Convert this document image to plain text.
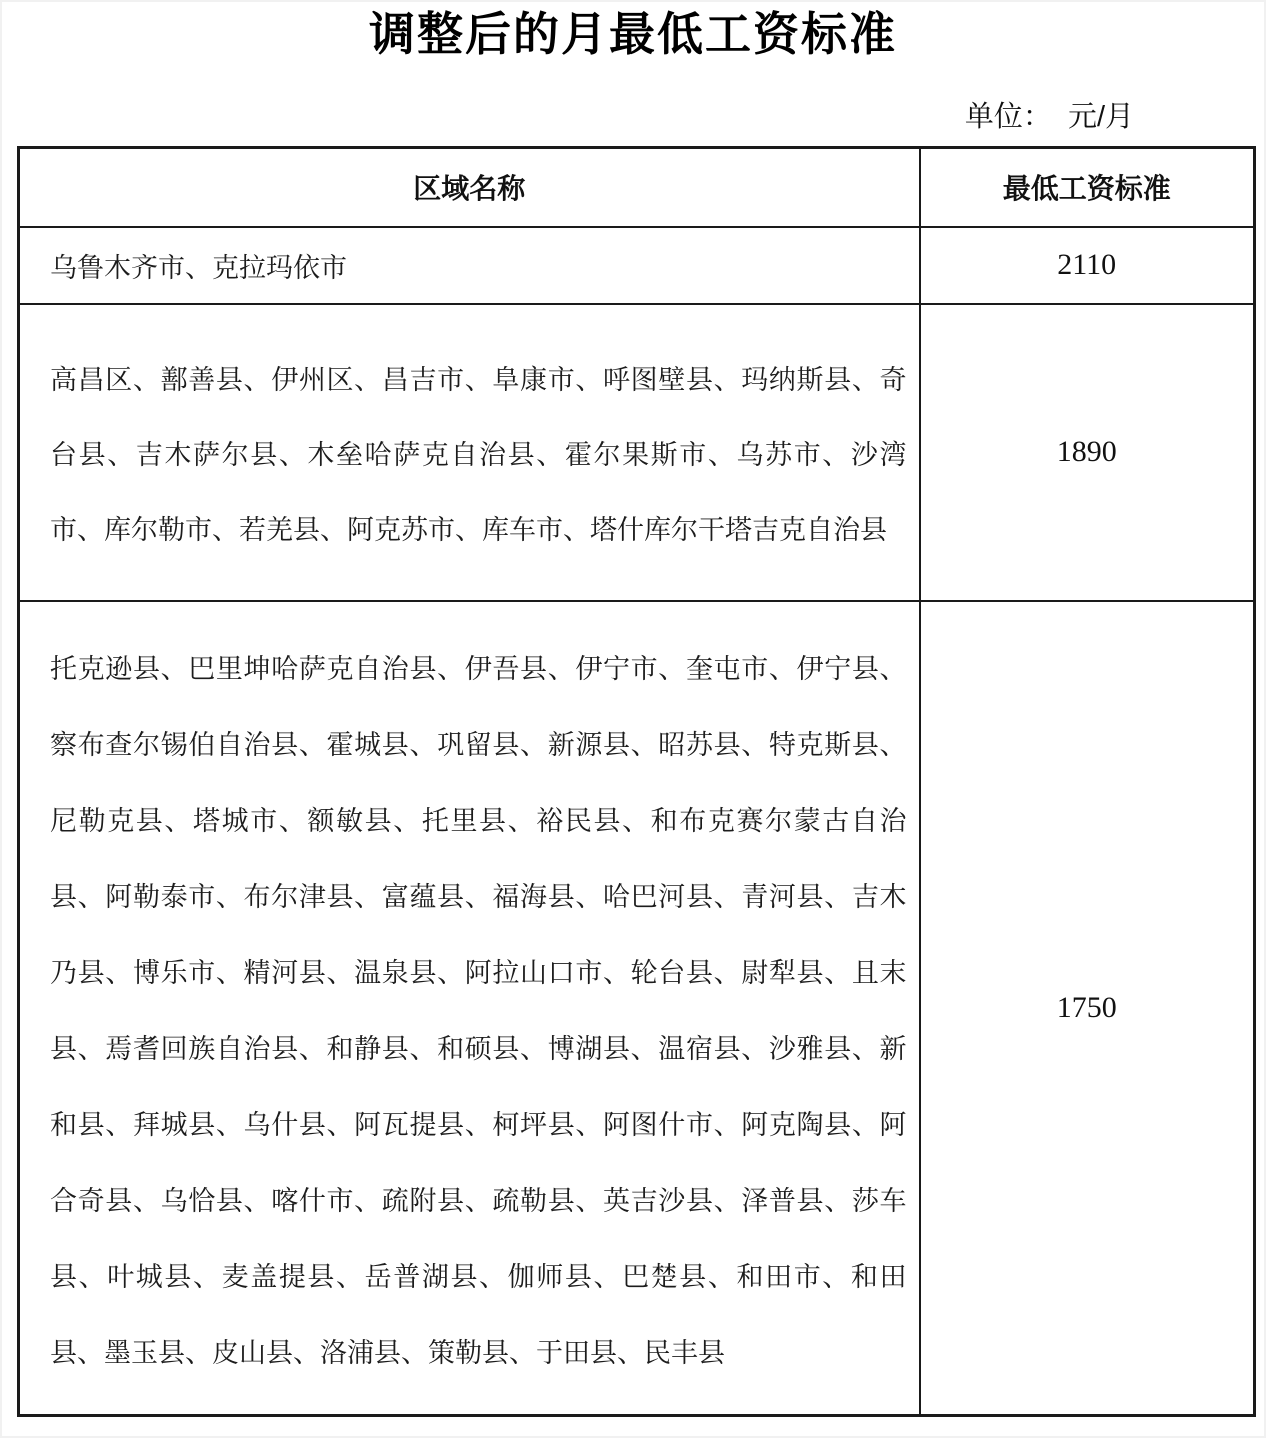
调整后的月最低工资标准
单位：  元/月
区域名称	最低工资标准
乌鲁木齐市、克拉玛依市	2110
高昌区、鄯善县、伊州区、昌吉市、阜康市、呼图壁县、玛纳斯县、奇台县、吉木萨尔县、木垒哈萨克自治县、霍尔果斯市、乌苏市、沙湾市、库尔勒市、若羌县、阿克苏市、库车市、塔什库尔干塔吉克自治县	1890
托克逊县、巴里坤哈萨克自治县、伊吾县、伊宁市、奎屯市、伊宁县、察布查尔锡伯自治县、霍城县、巩留县、新源县、昭苏县、特克斯县、尼勒克县、塔城市、额敏县、托里县、裕民县、和布克赛尔蒙古自治县、阿勒泰市、布尔津县、富蕴县、福海县、哈巴河县、青河县、吉木乃县、博乐市、精河县、温泉县、阿拉山口市、轮台县、尉犁县、且末县、焉耆回族自治县、和静县、和硕县、博湖县、温宿县、沙雅县、新和县、拜城县、乌什县、阿瓦提县、柯坪县、阿图什市、阿克陶县、阿合奇县、乌恰县、喀什市、疏附县、疏勒县、英吉沙县、泽普县、莎车县、叶城县、麦盖提县、岳普湖县、伽师县、巴楚县、和田市、和田县、墨玉县、皮山县、洛浦县、策勒县、于田县、民丰县	1750
